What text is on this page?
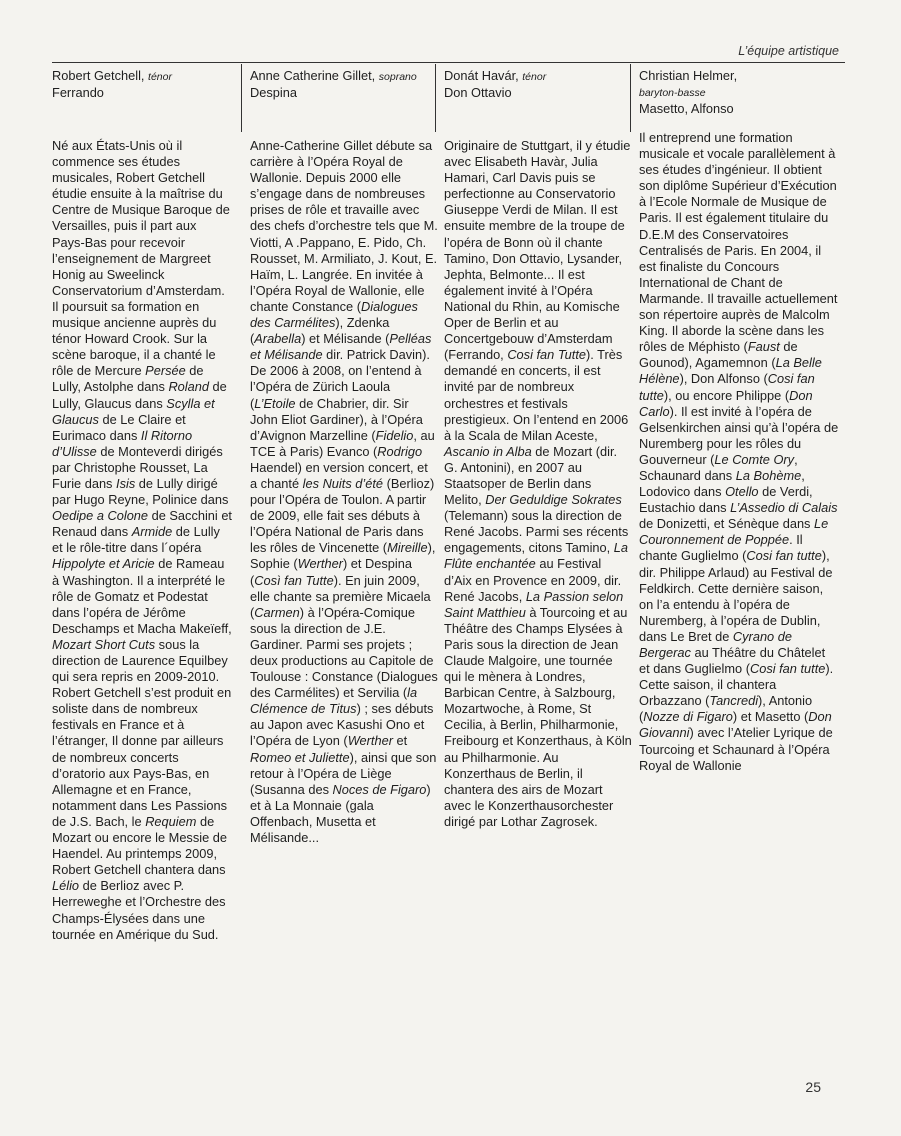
L’équipe artistique
Robert Getchell, ténor
Ferrando

Né aux États-Unis où il commence ses études musicales, Robert Getchell étudie ensuite à la maîtrise du Centre de Musique Baroque de Versailles, puis il part aux Pays-Bas pour recevoir l’enseignement de Margreet Honig au Sweelinck Conservatorium d’Amsterdam. Il poursuit sa formation en musique ancienne auprès du ténor Howard Crook. Sur la scène baroque, il a chanté le rôle de Mercure Persée de Lully, Astolphe dans Roland de Lully, Glaucus dans Scylla et Glaucus de Le Claire et Eurimaco dans Il Ritorno d’Ulisse de Monteverdi dirigés par Christophe Rousset, La Furie dans Isis de Lully dirigé par Hugo Reyne, Polinice dans Oedipe a Colone de Sacchini et Renaud dans Armide de Lully et le rôle-titre dans l´opéra Hippolyte et Aricie de Rameau à Washington. Il a interprété le rôle de Gomatz et Podestat dans l’opéra de Jérôme Deschamps et Macha Makeïeff, Mozart Short Cuts sous la direction de Laurence Equilbey qui sera repris en 2009-2010. Robert Getchell s’est produit en soliste dans de nombreux festivals en France et à l’étranger, Il donne par ailleurs de nombreux concerts d’oratorio aux Pays-Bas, en Allemagne et en France, notamment dans Les Passions de J.S. Bach, le Requiem de Mozart ou encore le Messie de Haendel. Au printemps 2009, Robert Getchell chantera dans Lélio de Berlioz avec P. Herreweghe et l’Orchestre des Champs-Élysées dans une tournée en Amérique du Sud.

Anne Catherine Gillet, soprano
Despina

Anne-Catherine Gillet débute sa carrière à l’Opéra Royal de Wallonie. Depuis 2000 elle s’engage dans de nombreuses prises de rôle et travaille avec des chefs d’orchestre tels que M. Viotti, A .Pappano, E. Pido, Ch. Rousset, M. Armiliato, J. Kout, E. Haïm, L. Langrée. En invitée à l’Opéra Royal de Wallonie, elle chante Constance (Dialogues des Carmélites), Zdenka (Arabella) et Mélisande (Pelléas et Mélisande dir. Patrick Davin). De 2006 à 2008, on l’entend à l’Opéra de Zürich Laoula (L’Etoile de Chabrier, dir. Sir John Eliot Gardiner), à l’Opéra d’Avignon Marzelline (Fidelio, au TCE à Paris) Evanco (Rodrigo Haendel) en version concert, et a chanté les Nuits d’été (Berlioz) pour l’Opéra de Toulon. A partir de 2009, elle fait ses débuts à l’Opéra National de Paris dans les rôles de Vincenette (Mireille), Sophie (Werther) et Despina (Così fan Tutte). En juin 2009, elle chante sa première Micaela (Carmen) à l’Opéra-Comique sous la direction de J.E. Gardiner. Parmi ses projets ; deux productions au Capitole de Toulouse : Constance (Dialogues des Carmélites) et Servilia (la Clémence de Titus) ; ses débuts au Japon avec Kasushi Ono et l’Opéra de Lyon (Werther et Romeo et Juliette), ainsi que son retour à l’Opéra de Liège (Susanna des Noces de Figaro) et à La Monnaie (gala Offenbach, Musetta et Mélisande...

Donát Havár, ténor
Don Ottavio

Originaire de Stuttgart, il y étudie avec Elisabeth Havàr, Julia Hamari, Carl Davis puis se perfectionne au Conservatorio Giuseppe Verdi de Milan. Il est ensuite membre de la troupe de l’opéra de Bonn où il chante Tamino, Don Ottavio, Lysander, Jephta, Belmonte... Il est également invité à l’Opéra National du Rhin, au Komische Oper de Berlin et au Concertgebouw d’Amsterdam (Ferrando, Cosi fan Tutte). Très demandé en concerts, il est invité par de nombreux orchestres et festivals prestigieux. On l’entend en 2006 à la Scala de Milan Aceste, Ascanio in Alba de Mozart (dir. G. Antonini), en 2007 au Staatsoper de Berlin dans Melito, Der Geduldige Sokrates (Telemann) sous la direction de René Jacobs. Parmi ses récents engagements, citons Tamino, La Flûte enchantée au Festival d’Aix en Provence en 2009, dir. René Jacobs, La Passion selon Saint Matthieu à Tourcoing et au Théâtre des Champs Elysées à Paris sous la direction de Jean Claude Malgoire, une tournée qui le mènera à Londres, Barbican Centre, à Salzbourg, Mozartwoche, à Rome, St Cecilia, à Berlin, Philharmonie, Freibourg et Konzerthaus, à Köln au Philharmonie. Au Konzerthaus de Berlin, il chantera des airs de Mozart avec le Konzerthausorchester dirigé par Lothar Zagrosek.

Christian Helmer,
baryton-basse
Masetto, Alfonso

Il entreprend une formation musicale et vocale parallèlement à ses études d’ingénieur. Il obtient son diplôme Supérieur d’Exécution à l’Ecole Normale de Musique de Paris. Il est également titulaire du D.E.M des Conservatoires Centralisés de Paris. En 2004, il est finaliste du Concours International de Chant de Marmande. Il travaille actuellement son répertoire auprès de Malcolm King. Il aborde la scène dans les rôles de Méphisto (Faust de Gounod), Agamemnon (La Belle Hélène), Don Alfonso (Cosi fan tutte), ou encore Philippe (Don Carlo). Il est invité à l’opéra de Gelsenkirchen ainsi qu’à l’opéra de Nuremberg pour les rôles du Gouverneur (Le Comte Ory, Schaunard dans La Bohème, Lodovico dans Otello de Verdi, Eustachio dans L’Assedio di Calais de Donizetti, et Sénèque dans Le Couronnement de Poppée. Il chante Guglielmo (Cosi fan tutte), dir. Philippe Arlaud) au Festival de Feldkirch. Cette dernière saison, on l’a entendu à l’opéra de Nuremberg, à l’opéra de Dublin, dans Le Bret de Cyrano de Bergerac au Théâtre du Châtelet et dans Guglielmo (Cosi fan tutte). Cette saison, il chantera Orbazzano (Tancredi), Antonio (Nozze di Figaro) et Masetto (Don Giovanni) avec l’Atelier Lyrique de Tourcoing et Schaunard à l’Opéra Royal de Wallonie

25
